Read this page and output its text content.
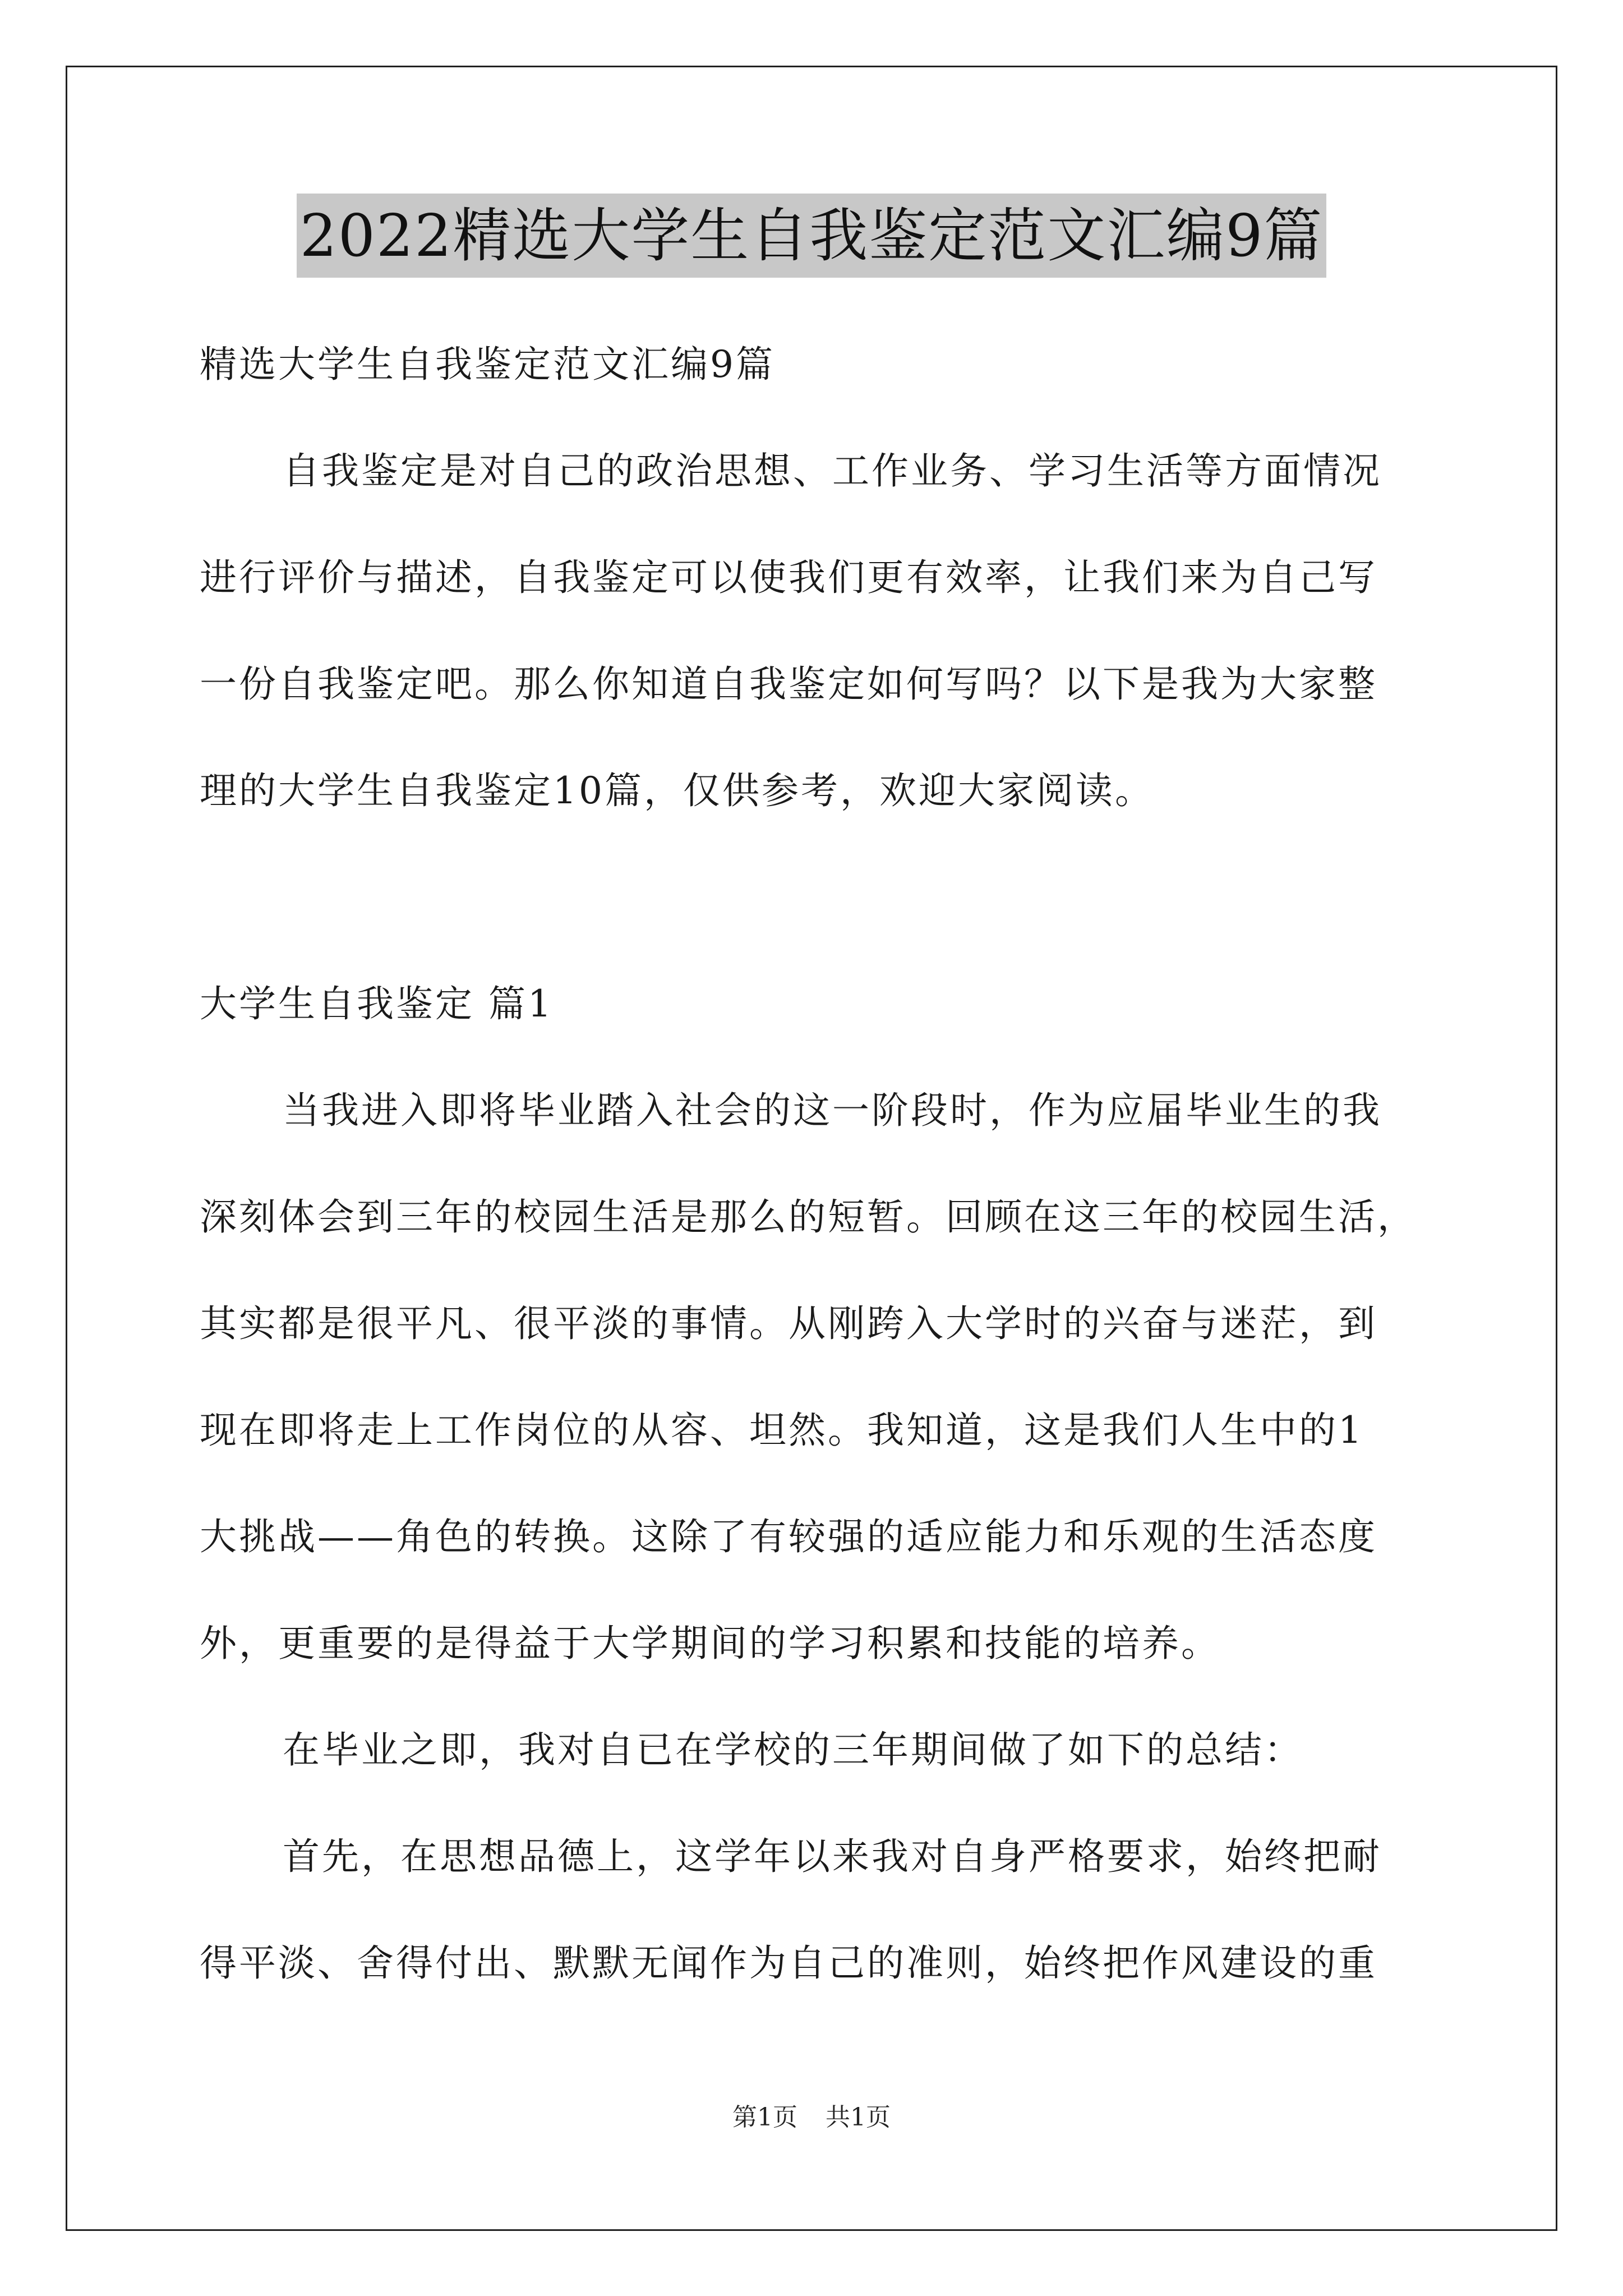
2022精选大学生自我鉴定范文汇编9篇
精选大学生自我鉴定范文汇编9篇
自我鉴定是对自己的政治思想、工作业务、学习生活等方面情况
进行评价与描述，自我鉴定可以使我们更有效率，让我们来为自己写
一份自我鉴定吧。那么你知道自我鉴定如何写吗？以下是我为大家整
理的大学生自我鉴定10篇，仅供参考，欢迎大家阅读。
大学生自我鉴定 篇1
当我进入即将毕业踏入社会的这一阶段时，作为应届毕业生的我
深刻体会到三年的校园生活是那么的短暂。回顾在这三年的校园生活，
其实都是很平凡、很平淡的事情。从刚跨入大学时的兴奋与迷茫，到
现在即将走上工作岗位的从容、坦然。我知道，这是我们人生中的1
大挑战——角色的转换。这除了有较强的适应能力和乐观的生活态度
外，更重要的是得益于大学期间的学习积累和技能的培养。
在毕业之即，我对自已在学校的三年期间做了如下的总结：
首先，在思想品德上，这学年以来我对自身严格要求，始终把耐
得平淡、舍得付出、默默无闻作为自己的准则，始终把作风建设的重
第1页 共1页
